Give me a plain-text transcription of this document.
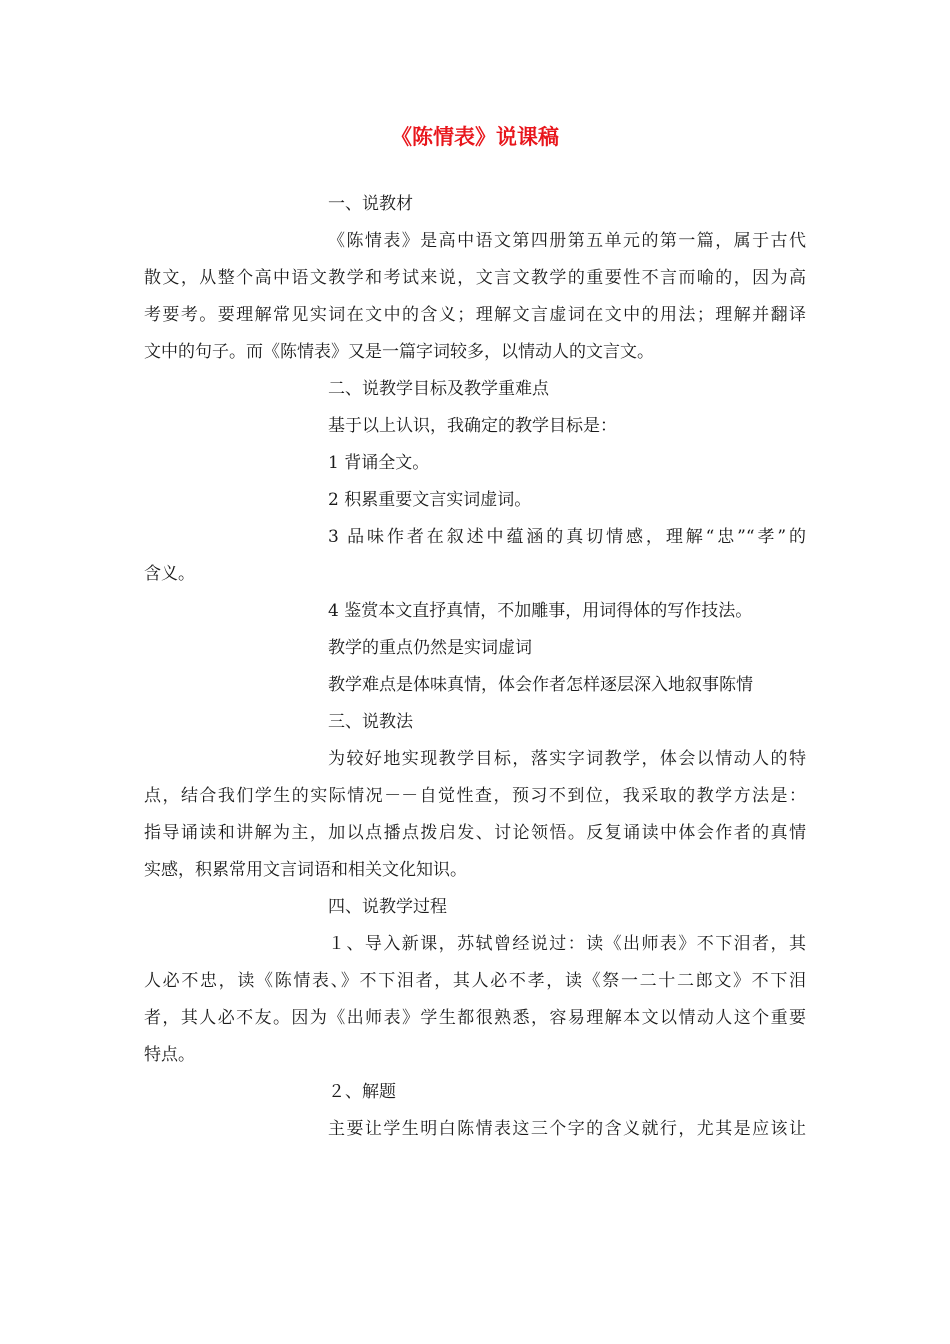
《陈情表》说课稿
一、说教材
《陈情表》是高中语文第四册第五单元的第一篇，属于古代
散文，从整个高中语文教学和考试来说，文言文教学的重要性不言而喻的，因为高
考要考。要理解常见实词在文中的含义；理解文言虚词在文中的用法；理解并翻译
文中的句子。而《陈情表》又是一篇字词较多，以情动人的文言文。
二、说教学目标及教学重难点
基于以上认识，我确定的教学目标是：
1 背诵全文。
2 积累重要文言实词虚词。
3 品味作者在叙述中蕴涵的真切情感，理解“忠”“孝”的
含义。
4 鉴赏本文直抒真情，不加雕事，用词得体的写作技法。
教学的重点仍然是实词虚词
教学难点是体味真情，体会作者怎样逐层深入地叙事陈情
三、说教法
为较好地实现教学目标，落实字词教学，体会以情动人的特
点，结合我们学生的实际情况－－自觉性查，预习不到位，我采取的教学方法是：
指导诵读和讲解为主，加以点播点拨启发、讨论领悟。反复诵读中体会作者的真情
实感，积累常用文言词语和相关文化知识。
四、说教学过程
１、导入新课，苏轼曾经说过：读《出师表》不下泪者，其
人必不忠，读《陈情表、》不下泪者，其人必不孝，读《祭一二十二郎文》不下泪
者，其人必不友。因为《出师表》学生都很熟悉，容易理解本文以情动人这个重要
特点。
２、解题
主要让学生明白陈情表这三个字的含义就行，尤其是应该让
